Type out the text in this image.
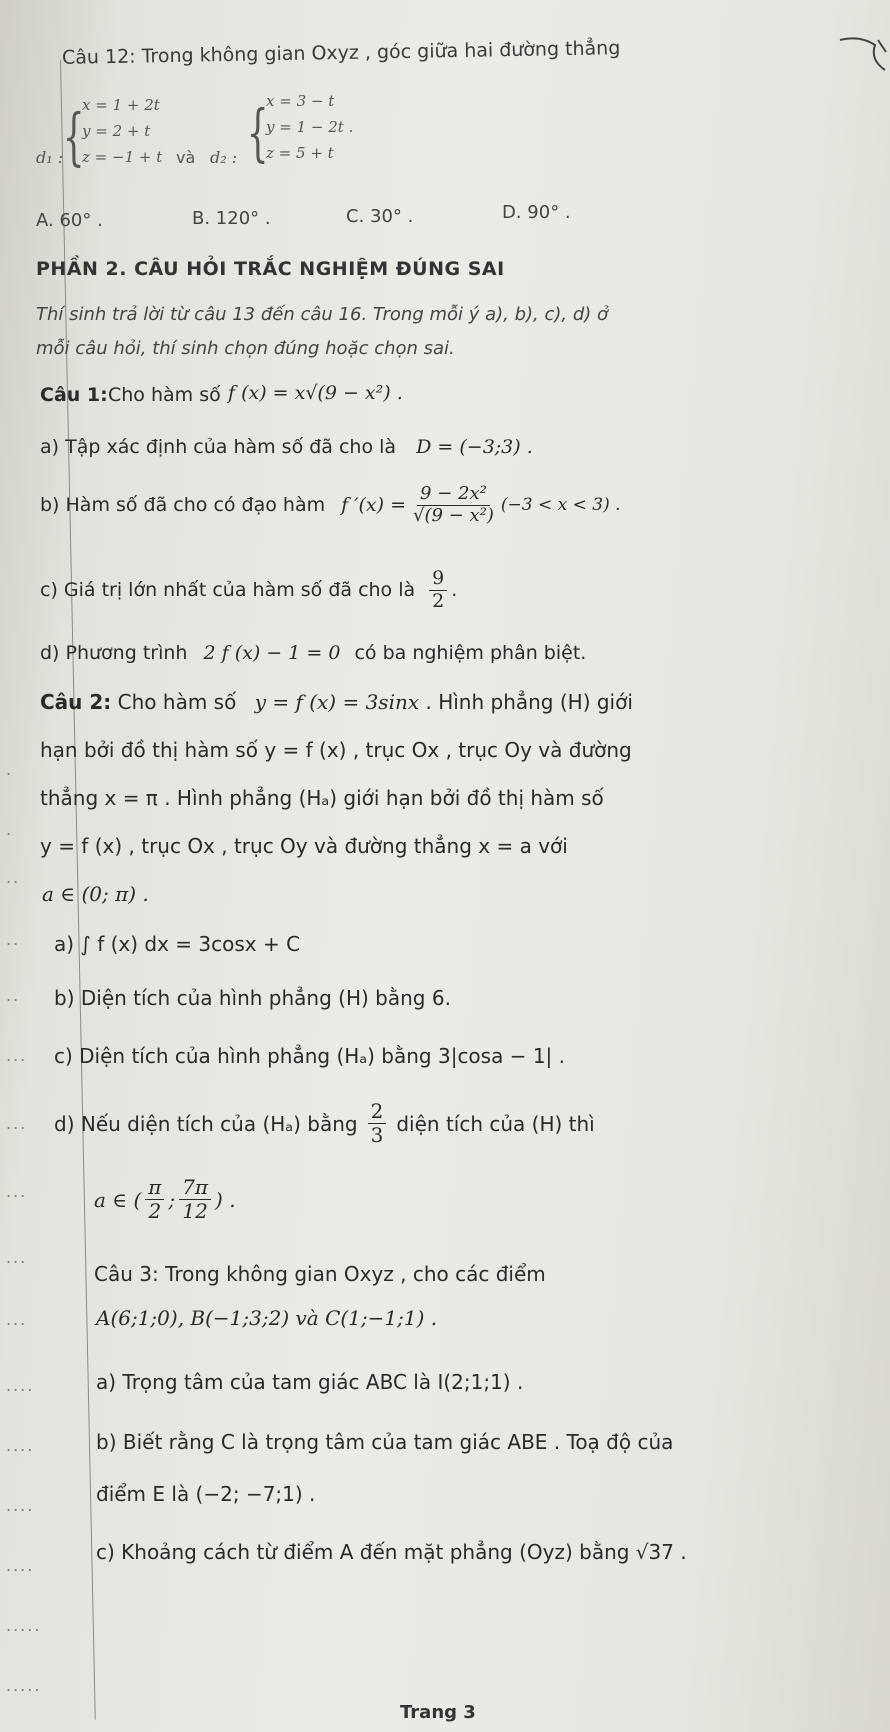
Câu 12: Trong không gian Oxyz , góc giữa hai đường thẳng
d₁ : {
x = 1 + 2t
y = 2 + t
z = −1 + t và d₂ : {
x = 3 − t
y = 1 − 2t .
z = 5 + t
A. 60° .	B. 120° .	C. 30° .	D. 90° .
PHẦN 2. CÂU HỎI TRẮC NGHIỆM ĐÚNG SAI
Thí sinh trả lời từ câu 13 đến câu 16. Trong mỗi ý a), b), c), d) ở
mỗi câu hỏi, thí sinh chọn đúng hoặc chọn sai.
Câu 1: Cho hàm số f (x) = x√(9 − x²) .
a) Tập xác định của hàm số đã cho là D = (−3;3) .
b) Hàm số đã cho có đạo hàm f $'(x) = \frac{\text{9 − 2x²}}{\text{√(9 − x²)}} (-3 < x < 3)$ .
c) Giá trị lớn nhất của hàm số đã cho là $\frac{9}{2}$ .
d) Phương trình 2 f (x) − 1 = 0 có ba nghiệm phân biệt.
Câu 2: Cho hàm số y = f (x) = 3sinx . Hình phẳng (H) giới
hạn bởi đồ thị hàm số y = f (x) , trục Ox , trục Oy và đường
thẳng x = π . Hình phẳng (Hₐ) giới hạn bởi đồ thị hàm số
y = f (x) , trục Ox , trục Oy và đường thẳng x = a với
a ∈ (0; π) .
a) ∫ f (x) dx = 3cosx + C
b) Diện tích của hình phẳng (H) bằng 6.
c) Diện tích của hình phẳng (Hₐ) bằng 3|cosa − 1| .
d) Nếu diện tích của (Hₐ) bằng $\frac{2}{3}$ diện tích của (H) thì
a ∈ ( $\frac{\pi}{2}$ ; $\frac{7\pi}{12}$ ) .
Câu 3: Trong không gian Oxyz , cho các điểm
A(6;1;0), B(−1;3;2) và C(1;−1;1) .
a) Trọng tâm của tam giác ABC là I(2;1;1) .
b) Biết rằng C là trọng tâm của tam giác ABE . Toạ độ của
điểm E là (−2; −7;1) .
c) Khoảng cách từ điểm A đến mặt phẳng (Oyz) bằng √37 .
.
.
..
..
..
...
...
...
...
...
....
....
....
....
.....
.....
Trang 3
